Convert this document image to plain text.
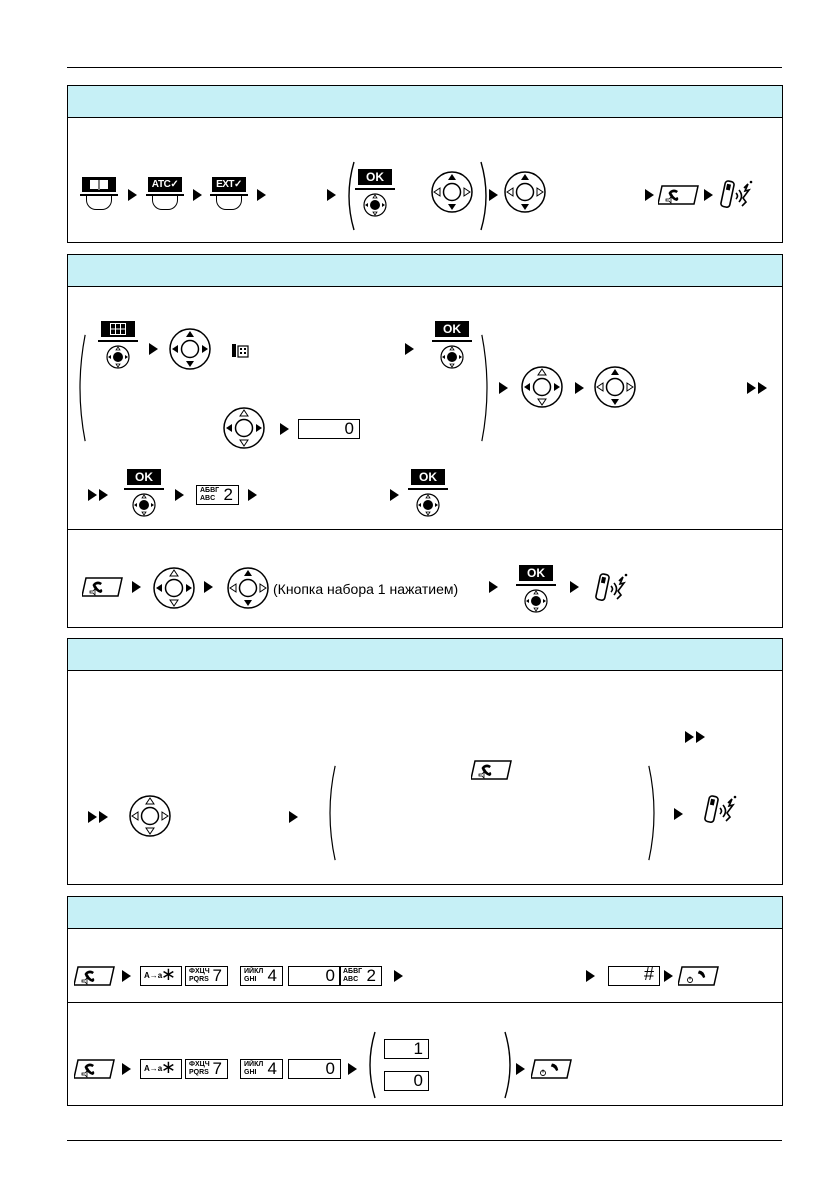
АТС✓	EXT✓
OK
OK
0
OK
АБВГ
ABC 2
OK
(Кнопка набора 1 нажатием)
OK
A→a
∗ ФХЦЧ
PQRS 7	ИЙКЛ
GHI 4	0 АБВГ
ABC 2	#
A→a
∗ ФХЦЧ
PQRS 7	ИЙКЛ
GHI 4	0
1
0
